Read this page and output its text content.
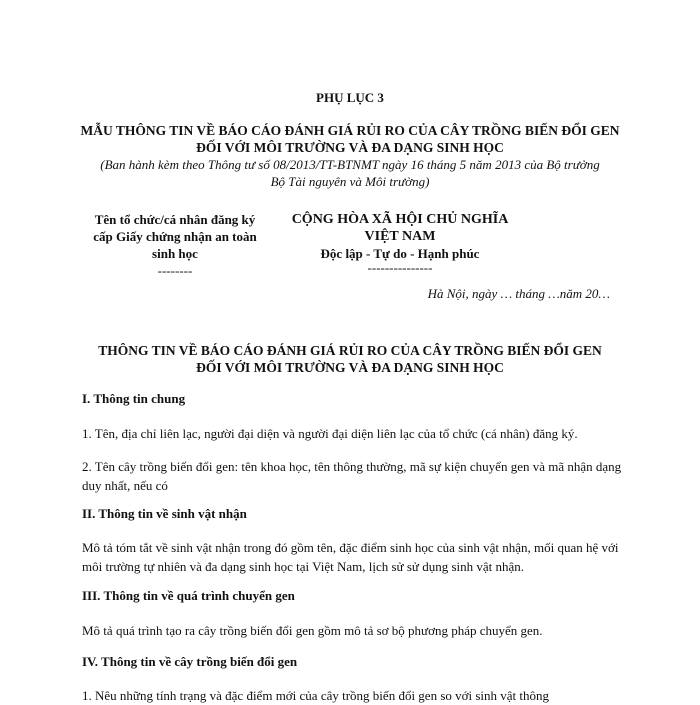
PHỤ LỤC 3
MẪU THÔNG TIN VỀ BÁO CÁO ĐÁNH GIÁ RỦI RO CỦA CÂY TRỒNG BIẾN ĐỔI GEN
ĐỐI VỚI MÔI TRƯỜNG VÀ ĐA DẠNG SINH HỌC
(Ban hành kèm theo Thông tư số 08/2013/TT-BTNMT ngày 16 tháng 5 năm 2013 của Bộ trưởng
Bộ Tài nguyên và Môi trường)
Tên tổ chức/cá nhân đăng ký
cấp Giấy chứng nhận an toàn
sinh học
--------
CỘNG HÒA XÃ HỘI CHỦ NGHĨA VIỆT NAM
Độc lập - Tự do - Hạnh phúc
---------------
Hà Nội, ngày … tháng …năm 20…
THÔNG TIN VỀ BÁO CÁO ĐÁNH GIÁ RỦI RO CỦA CÂY TRỒNG BIẾN ĐỔI GEN
ĐỐI VỚI MÔI TRƯỜNG VÀ ĐA DẠNG SINH HỌC
I. Thông tin chung
1. Tên, địa chỉ liên lạc, người đại diện và người đại diện liên lạc của tổ chức (cá nhân) đăng ký.
2. Tên cây trồng biến đổi gen: tên khoa học, tên thông thường, mã sự kiện chuyển gen và mã nhận dạng duy nhất, nếu có
II. Thông tin về sinh vật nhận
Mô tả tóm tắt về sinh vật nhận trong đó gồm tên, đặc điểm sinh học của sinh vật nhận, mối quan hệ với môi trường tự nhiên và đa dạng sinh học tại Việt Nam, lịch sử sử dụng sinh vật nhận.
III. Thông tin về quá trình chuyển gen
Mô tả quá trình tạo ra cây trồng biến đổi gen gồm mô tả sơ bộ phương pháp chuyển gen.
IV. Thông tin về cây trồng biến đổi gen
1. Nêu những tính trạng và đặc điểm mới của cây trồng biến đổi gen so với sinh vật thông
